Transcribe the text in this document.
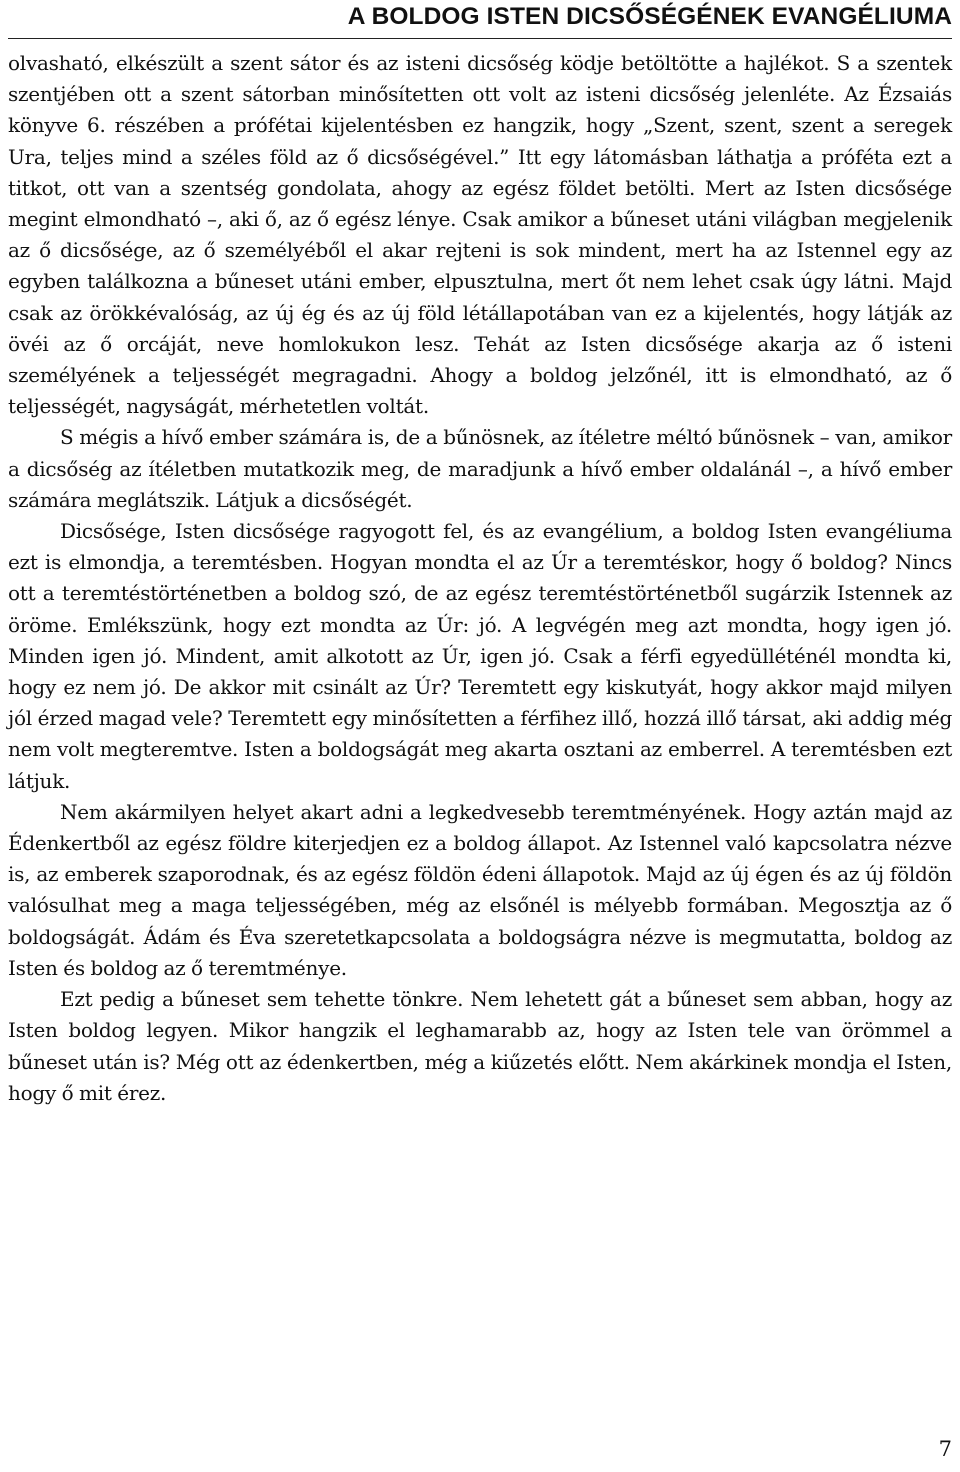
A BOLDOG ISTEN DICSŐSÉGÉNEK EVANGÉLIUMA

olvasható, elkészült a szent sátor és az isteni dicsőség ködje betöltötte a hajlékot. S a szentek szentjében ott a szent sátorban minősítetten ott volt az isteni dicsőség jelenléte. Az Ézsaiás könyve 6. részében a prófétai kijelentésben ez hangzik, hogy „Szent, szent, szent a seregek Ura, teljes mind a széles föld az ő dicsőségével.” Itt egy látomásban láthatja a próféta ezt a titkot, ott van a szentség gondolata, ahogy az egész földet betölti. Mert az Isten dicsősége megint elmondható –, aki ő, az ő egész lénye. Csak amikor a bűneset utáni világban megjelenik az ő dicsősége, az ő személyéből el akar rejteni is sok mindent, mert ha az Istennel egy az egyben találkozna a bűneset utáni ember, elpusztulna, mert őt nem lehet csak úgy látni. Majd csak az örökkévalóság, az új ég és az új föld létállapotában van ez a kijelentés, hogy látják az övéi az ő orcáját, neve homlokukon lesz. Tehát az Isten dicsősége akarja az ő isteni személyének a teljességét megragadni. Ahogy a boldog jelzőnél, itt is elmondható, az ő teljességét, nagyságát, mérhetetlen voltát.

S mégis a hívő ember számára is, de a bűnösnek, az ítéletre méltó bűnösnek – van, amikor a dicsőség az ítéletben mutatkozik meg, de maradjunk a hívő ember oldalánál –, a hívő ember számára meglátszik. Látjuk a dicsőségét.

Dicsősége, Isten dicsősége ragyogott fel, és az evangélium, a boldog Isten evangéliuma ezt is elmondja, a teremtésben. Hogyan mondta el az Úr a teremtéskor, hogy ő boldog? Nincs ott a teremtéstörténetben a boldog szó, de az egész teremtéstörténetből sugárzik Istennek az öröme. Emlékszünk, hogy ezt mondta az Úr: jó. A legvégén meg azt mondta, hogy igen jó. Minden igen jó. Mindent, amit alkotott az Úr, igen jó. Csak a férfi egyedülléténél mondta ki, hogy ez nem jó. De akkor mit csinált az Úr? Teremtett egy kiskutyát, hogy akkor majd milyen jól érzed magad vele? Teremtett egy minősítetten a férfihez illő, hozzá illő társat, aki addig még nem volt megteremtve. Isten a boldogságát meg akarta osztani az emberrel. A teremtésben ezt látjuk.

Nem akármilyen helyet akart adni a legkedvesebb teremtményének. Hogy aztán majd az Édenkertből az egész földre kiterjedjen ez a boldog állapot. Az Istennel való kapcsolatra nézve is, az emberek szaporodnak, és az egész földön édeni állapotok. Majd az új égen és az új földön valósulhat meg a maga teljességében, még az elsőnél is mélyebb formában. Megosztja az ő boldogságát. Ádám és Éva szeretetkapcsolata a boldogságra nézve is megmutatta, boldog az Isten és boldog az ő teremtménye.

Ezt pedig a bűneset sem tehette tönkre. Nem lehetett gát a bűneset sem abban, hogy az Isten boldog legyen. Mikor hangzik el leghamarabb az, hogy az Isten tele van örömmel a bűneset után is? Még ott az édenkertben, még a kiűzetés előtt. Nem akárkinek mondja el Isten, hogy ő mit érez.

7
